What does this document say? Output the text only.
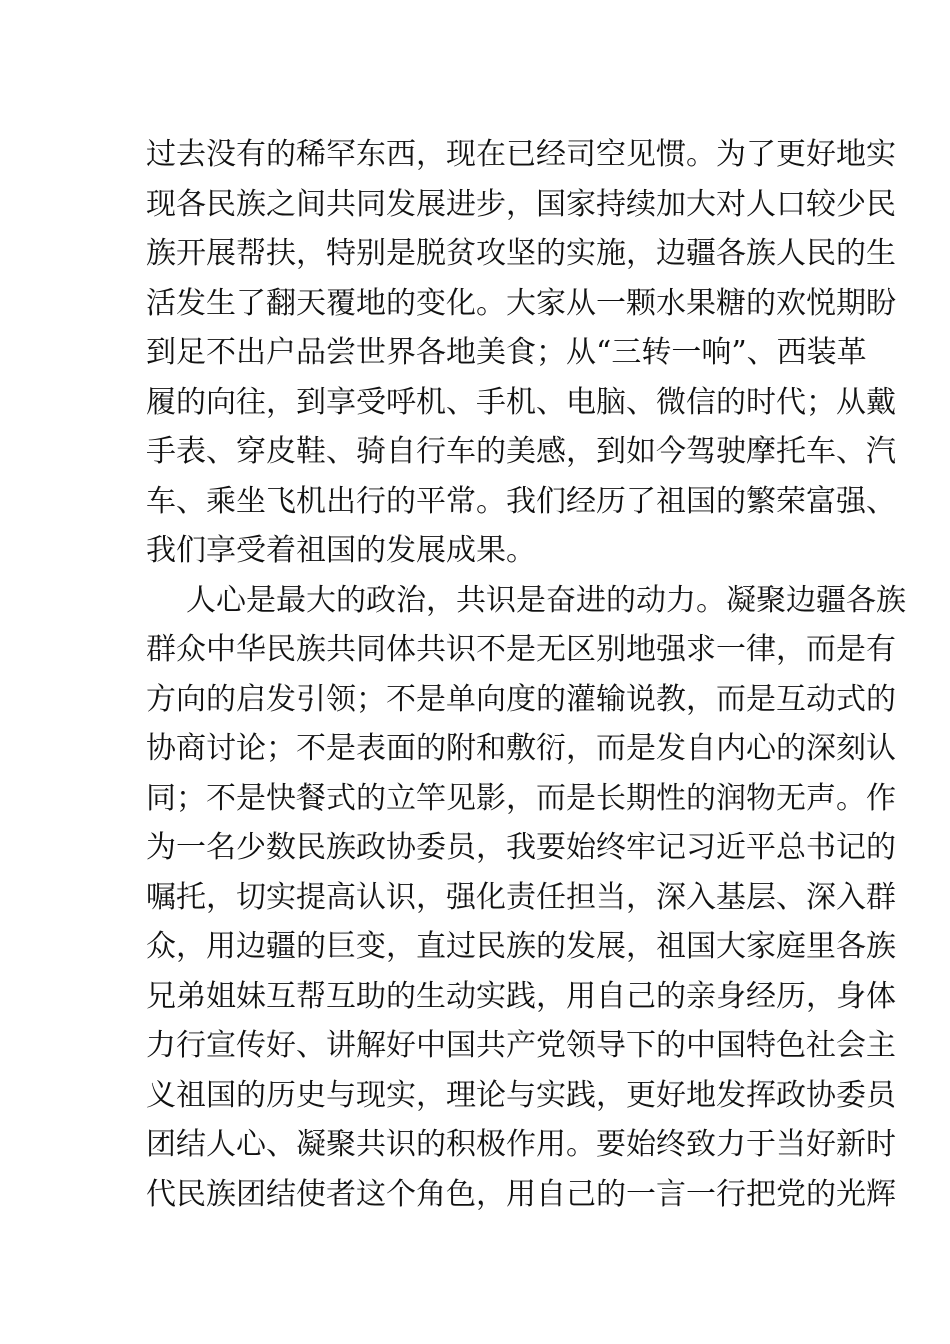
过去没有的稀罕东西，现在已经司空见惯。为了更好地实
现各民族之间共同发展进步，国家持续加大对人口较少民
族开展帮扶，特别是脱贫攻坚的实施，边疆各族人民的生
活发生了翻天覆地的变化。大家从一颗水果糖的欢悦期盼
到足不出户品尝世界各地美食；从“三转一响”、西装革
履的向往，到享受呼机、手机、电脑、微信的时代；从戴
手表、穿皮鞋、骑自行车的美感，到如今驾驶摩托车、汽
车、乘坐飞机出行的平常。我们经历了祖国的繁荣富强、
我们享受着祖国的发展成果。
人心是最大的政治，共识是奋进的动力。凝聚边疆各族
群众中华民族共同体共识不是无区别地强求一律，而是有
方向的启发引领；不是单向度的灌输说教，而是互动式的
协商讨论；不是表面的附和敷衍，而是发自内心的深刻认
同；不是快餐式的立竿见影，而是长期性的润物无声。作
为一名少数民族政协委员，我要始终牢记习近平总书记的
嘱托，切实提高认识，强化责任担当，深入基层、深入群
众，用边疆的巨变，直过民族的发展，祖国大家庭里各族
兄弟姐妹互帮互助的生动实践，用自己的亲身经历，身体
力行宣传好、讲解好中国共产党领导下的中国特色社会主
义祖国的历史与现实，理论与实践，更好地发挥政协委员
团结人心、凝聚共识的积极作用。要始终致力于当好新时
代民族团结使者这个角色，用自己的一言一行把党的光辉
